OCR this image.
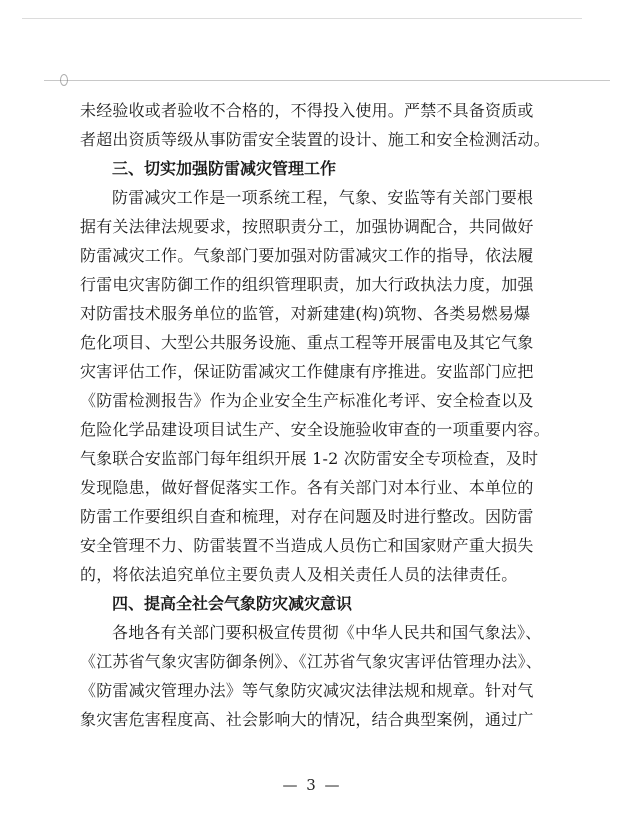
未经验收或者验收不合格的，不得投入使用。严禁不具备资质或
者超出资质等级从事防雷安全装置的设计、施工和安全检测活动。
三、切实加强防雷减灾管理工作
防雷减灾工作是一项系统工程，气象、安监等有关部门要根
据有关法律法规要求，按照职责分工，加强协调配合，共同做好
防雷减灾工作。气象部门要加强对防雷减灾工作的指导，依法履
行雷电灾害防御工作的组织管理职责，加大行政执法力度，加强
对防雷技术服务单位的监管，对新建建(构)筑物、各类易燃易爆
危化项目、大型公共服务设施、重点工程等开展雷电及其它气象
灾害评估工作，保证防雷减灾工作健康有序推进。安监部门应把
《防雷检测报告》作为企业安全生产标准化考评、安全检查以及
危险化学品建设项目试生产、安全设施验收审查的一项重要内容。
气象联合安监部门每年组织开展 1-2 次防雷安全专项检查，及时
发现隐患，做好督促落实工作。各有关部门对本行业、本单位的
防雷工作要组织自查和梳理，对存在问题及时进行整改。因防雷
安全管理不力、防雷装置不当造成人员伤亡和国家财产重大损失
的，将依法追究单位主要负责人及相关责任人员的法律责任。
四、提高全社会气象防灾减灾意识
各地各有关部门要积极宣传贯彻《中华人民共和国气象法》、
《江苏省气象灾害防御条例》、《江苏省气象灾害评估管理办法》、
《防雷减灾管理办法》等气象防灾减灾法律法规和规章。针对气
象灾害危害程度高、社会影响大的情况，结合典型案例，通过广
— 3 —
